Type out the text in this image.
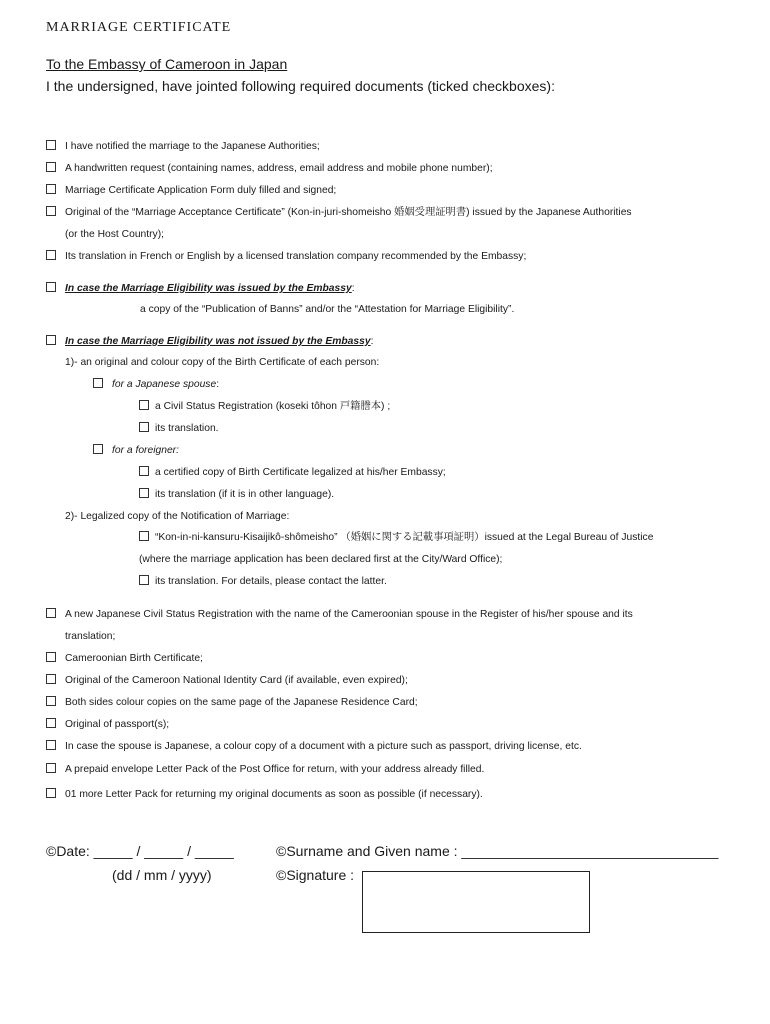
MARRIAGE CERTIFICATE
To the Embassy of Cameroon in Japan
I the undersigned, have jointed following required documents (ticked checkboxes):
I have notified the marriage to the Japanese Authorities;
A handwritten request (containing names, address, email address and mobile phone number);
Marriage Certificate Application Form duly filled and signed;
Original of the “Marriage Acceptance Certificate” (Kon-in-juri-shomeisho 婚姻受理証明書) issued by the Japanese Authorities
(or the Host Country);
Its translation in French or English by a licensed translation company recommended by the Embassy;
In case the Marriage Eligibility was issued by the Embassy:
a copy of the “Publication of Banns” and/or the “Attestation for Marriage Eligibility”.
In case the Marriage Eligibility was not issued by the Embassy:
1)- an original and colour copy of the Birth Certificate of each person:
for a Japanese spouse:
a Civil Status Registration (koseki tôhon 戸籍謄本) ;
its translation.
for a foreigner:
a certified copy of Birth Certificate legalized at his/her Embassy;
its translation (if it is in other language).
2)- Legalized copy of the Notification of Marriage:
“Kon-in-ni-kansuru-Kisaijikô-shômeisho” （婚姻に関する記載事項証明）issued at the Legal Bureau of Justice
(where the marriage application has been declared first at the City/Ward Office);
its translation. For details, please contact the latter.
A new Japanese Civil Status Registration with the name of the Cameroonian spouse in the Register of his/her spouse and its
translation;
Cameroonian Birth Certificate;
Original of the Cameroon National Identity Card (if available, even expired);
Both sides colour copies on the same page of the Japanese Residence Card;
Original of passport(s);
In case the spouse is Japanese, a colour copy of a document with a picture such as passport, driving license, etc.
A prepaid envelope Letter Pack of the Post Office for return, with your address already filled.
01 more Letter Pack for returning my original documents as soon as possible (if necessary).
©Date: _____ / _____ / _____
(dd / mm / yyyy)
©Surname and Given name : _________________________________
©Signature :
